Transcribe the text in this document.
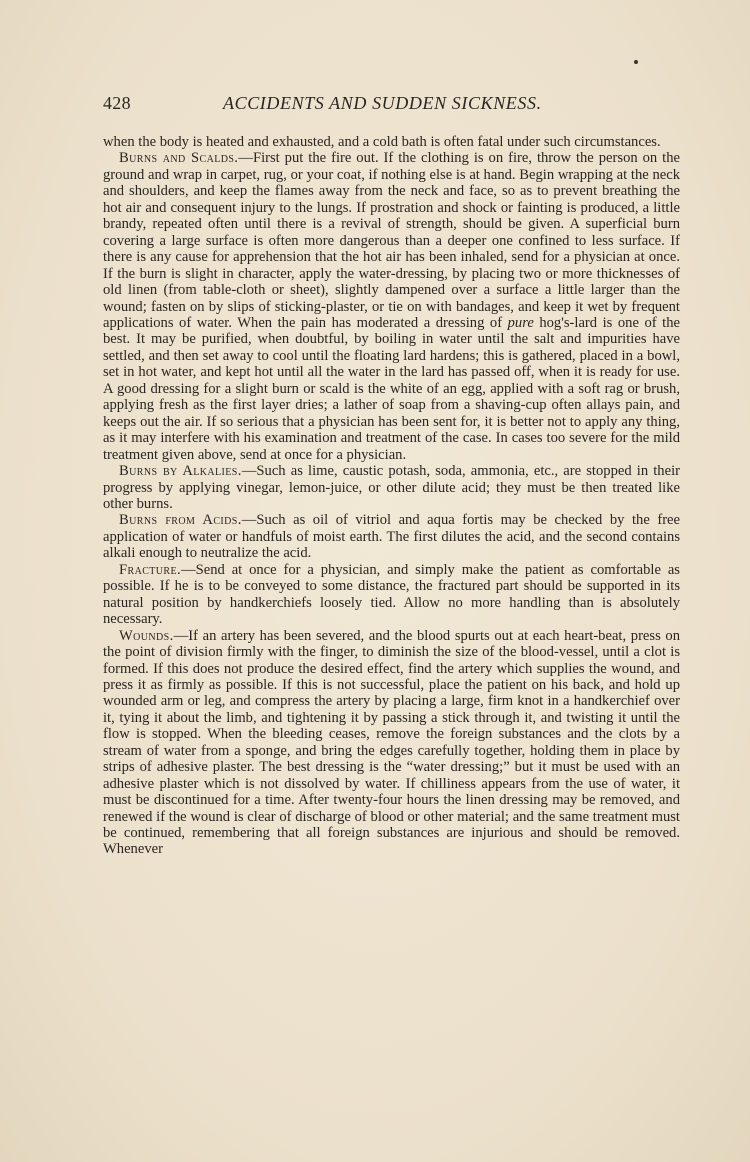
428	ACCIDENTS AND SUDDEN SICKNESS.

when the body is heated and exhausted, and a cold bath is often fatal under such circumstances.

Burns and Scalds.—First put the fire out. If the clothing is on fire, throw the person on the ground and wrap in carpet, rug, or your coat, if nothing else is at hand. Begin wrapping at the neck and shoulders, and keep the flames away from the neck and face, so as to prevent breathing the hot air and consequent injury to the lungs. If prostration and shock or fainting is produced, a little brandy, repeated often until there is a revival of strength, should be given. A superficial burn covering a large surface is often more dangerous than a deeper one confined to less surface. If there is any cause for apprehension that the hot air has been inhaled, send for a physician at once. If the burn is slight in character, apply the water-dressing, by placing two or more thicknesses of old linen (from table-cloth or sheet), slightly dampened over a surface a little larger than the wound; fasten on by slips of sticking-plaster, or tie on with bandages, and keep it wet by frequent applications of water. When the pain has moderated a dressing of pure hog's-lard is one of the best. It may be purified, when doubtful, by boiling in water until the salt and impurities have settled, and then set away to cool until the floating lard hardens; this is gathered, placed in a bowl, set in hot water, and kept hot until all the water in the lard has passed off, when it is ready for use. A good dressing for a slight burn or scald is the white of an egg, applied with a soft rag or brush, applying fresh as the first layer dries; a lather of soap from a shaving-cup often allays pain, and keeps out the air. If so serious that a physician has been sent for, it is better not to apply any thing, as it may interfere with his examination and treatment of the case. In cases too severe for the mild treatment given above, send at once for a physician.

Burns by Alkalies.—Such as lime, caustic potash, soda, ammonia, etc., are stopped in their progress by applying vinegar, lemon-juice, or other dilute acid; they must be then treated like other burns.

Burns from Acids.—Such as oil of vitriol and aqua fortis may be checked by the free application of water or handfuls of moist earth. The first dilutes the acid, and the second contains alkali enough to neutralize the acid.

Fracture.—Send at once for a physician, and simply make the patient as comfortable as possible. If he is to be conveyed to some distance, the fractured part should be supported in its natural position by handkerchiefs loosely tied. Allow no more handling than is absolutely necessary.

Wounds.—If an artery has been severed, and the blood spurts out at each heart-beat, press on the point of division firmly with the finger, to diminish the size of the blood-vessel, until a clot is formed. If this does not produce the desired effect, find the artery which supplies the wound, and press it as firmly as possible. If this is not successful, place the patient on his back, and hold up wounded arm or leg, and compress the artery by placing a large, firm knot in a handkerchief over it, tying it about the limb, and tightening it by passing a stick through it, and twisting it until the flow is stopped. When the bleeding ceases, remove the foreign substances and the clots by a stream of water from a sponge, and bring the edges carefully together, holding them in place by strips of adhesive plaster. The best dressing is the “water dressing;” but it must be used with an adhesive plaster which is not dissolved by water. If chilliness appears from the use of water, it must be discontinued for a time. After twenty-four hours the linen dressing may be removed, and renewed if the wound is clear of discharge of blood or other material; and the same treatment must be continued, remembering that all foreign substances are injurious and should be removed. Whenever
